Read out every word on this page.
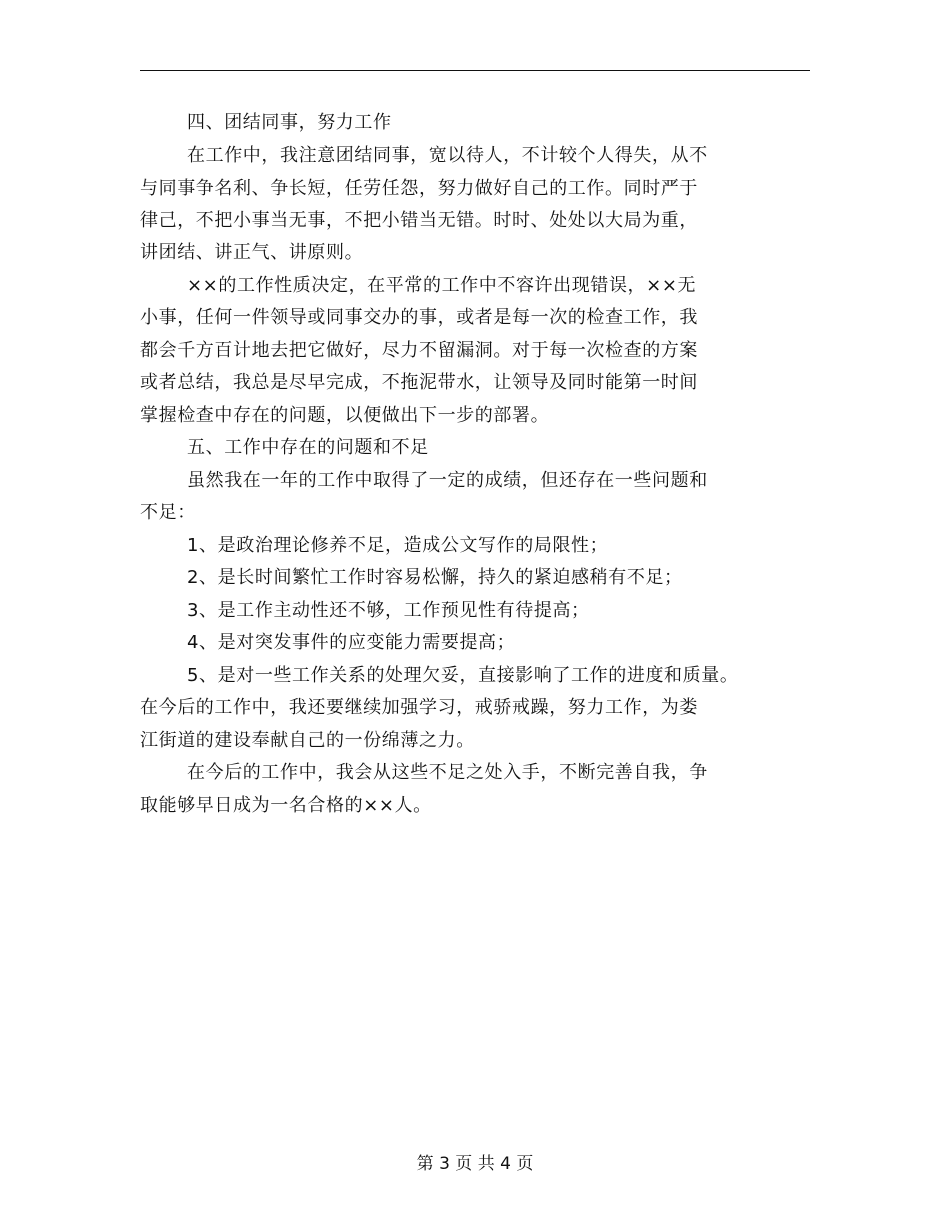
四、团结同事，努力工作
在工作中，我注意团结同事，宽以待人，不计较个人得失，从不
与同事争名利、争长短，任劳任怨，努力做好自己的工作。同时严于
律己，不把小事当无事，不把小错当无错。时时、处处以大局为重，
讲团结、讲正气、讲原则。
××的工作性质决定，在平常的工作中不容许出现错误，××无
小事，任何一件领导或同事交办的事，或者是每一次的检查工作，我
都会千方百计地去把它做好，尽力不留漏洞。对于每一次检查的方案
或者总结，我总是尽早完成，不拖泥带水，让领导及同时能第一时间
掌握检查中存在的问题，以便做出下一步的部署。
五、工作中存在的问题和不足
虽然我在一年的工作中取得了一定的成绩，但还存在一些问题和
不足：
1、是政治理论修养不足，造成公文写作的局限性；
2、是长时间繁忙工作时容易松懈，持久的紧迫感稍有不足；
3、是工作主动性还不够，工作预见性有待提高；
4、是对突发事件的应变能力需要提高；
5、是对一些工作关系的处理欠妥，直接影响了工作的进度和质量。
在今后的工作中，我还要继续加强学习，戒骄戒躁，努力工作，为娄
江街道的建设奉献自己的一份绵薄之力。
在今后的工作中，我会从这些不足之处入手，不断完善自我，争
取能够早日成为一名合格的××人。
第 3 页 共 4 页
